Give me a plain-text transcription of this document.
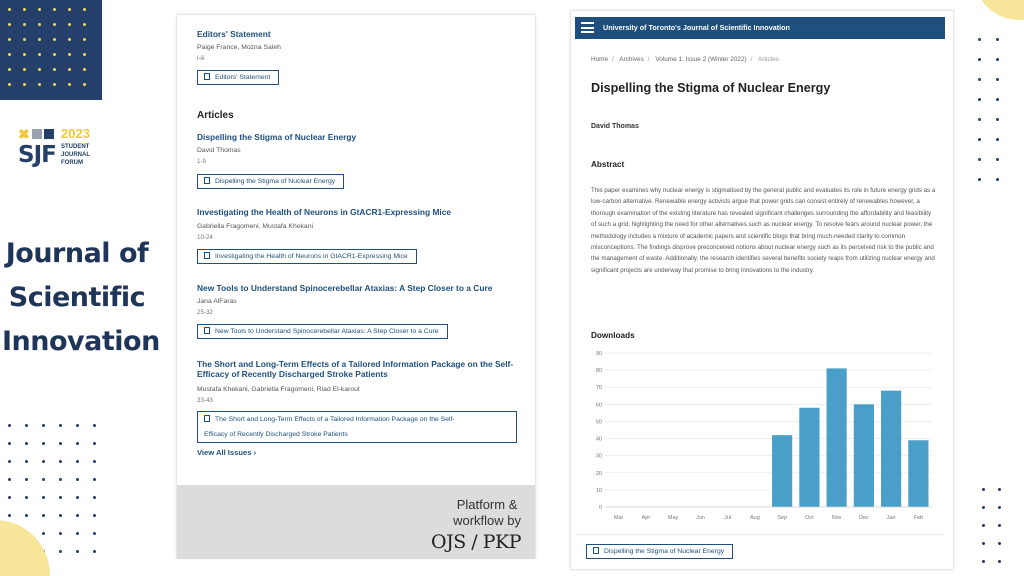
✖ 2023
SJF STUDENT
JOURNAL
FORUM
Journal of
Scientific
Innovation
Editors' Statement
Paige France, Mozna Saleh
i-iii
Editors' Statement
Articles
Dispelling the Stigma of Nuclear Energy
David Thomas
1-9
Dispelling the Stigma of Nuclear Energy
Investigating the Health of Neurons in GtACR1-Expressing Mice
Gabriella Fragomeni, Mustafa Khekani
10-24
Investigating the Health of Neurons in GtACR1-Expressing Mice
New Tools to Understand Spinocerebellar Ataxias: A Step Closer to a Cure
Jana AlFaras
25-32
New Tools to Understand Spinocerebellar Ataxias: A Step Closer to a Cure
The Short and Long-Term Effects of a Tailored Information Package on the Self-
Efficacy of Recently Discharged Stroke Patients
Mustafa Khekani, Gabriella Fragomeni, Riad El-karout
33-43
The Short and Long-Term Effects of a Tailored Information Package on the Self-
Efficacy of Recently Discharged Stroke Patients
View All Issues ›
Platform &
workflow by
OJS / PKP
University of Toronto's Journal of Scientific Innovation
Home / Archives / Volume 1: Issue 2 (Winter 2022) / Articles
Dispelling the Stigma of Nuclear Energy
David Thomas
Abstract
This paper examines why nuclear energy is stigmatised by the general public and evaluates its role in future energy grids as a low-carbon alternative. Renewable energy activists argue that power grids can consist entirely of renewables however, a thorough examination of the existing literature has revealed significant challenges surrounding the affordability and feasibility of such a grid, highlighting the need for other alternatives such as nuclear energy. To resolve fears around nuclear power, the methodology includes a mixture of academic papers and scientific blogs that bring much-needed clarity to common misconceptions. The findings disprove preconceived notions about nuclear energy such as its perceived risk to the public and the management of waste. Additionally, the research identifies several benefits society reaps from utilizing nuclear energy and significant projects are underway that promise to bring innovations to the industry.
Downloads
0
10
20
30
40
50
60
70
80
90
Mar	Apr	May	Jun	Jul	Aug	Sep	Oct	Nov	Dec	Jan	Feb
Dispelling the Stigma of Nuclear Energy
